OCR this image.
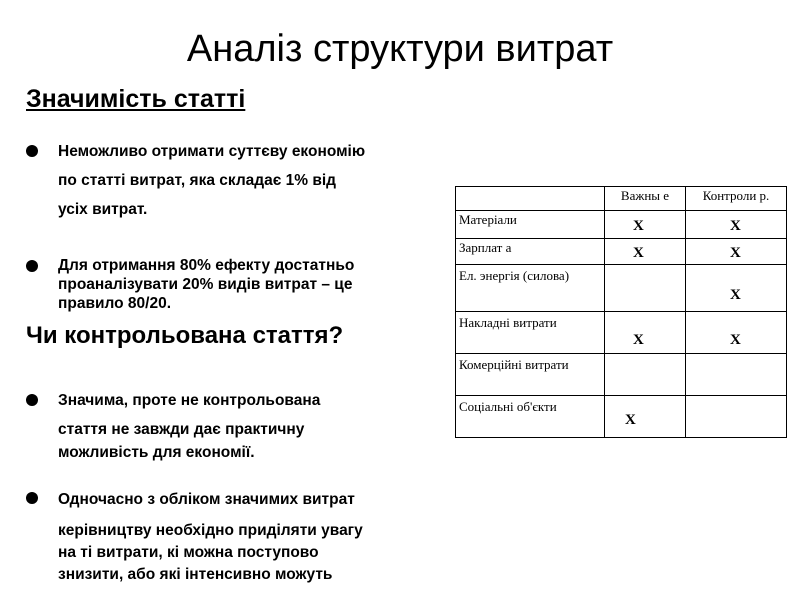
Аналіз структури витрат
Значимість статті
Неможливо отримати суттєву економію
по статті витрат, яка складає 1% від
усіх витрат.
Для отримання 80% ефекту достатньо
проаналізувати 20% видів витрат – це
правило 80/20.
Чи контрольована стаття?
Значима, проте не контрольована
стаття не завжди дає практичну
можливість для економії.
Одночасно з обліком значимих витрат
керівництву необхідно приділяти увагу
на ті витрати, кі можна поступово
знизити, або які інтенсивно можуть
	Важны е	Контроли р.
Матеріали	X	X

Зарплат а	X	X

Ел. энергія (силова)		X

Накладні витрати	X	X

Комерційні витрати	

Соціальні об'єкти	X	
